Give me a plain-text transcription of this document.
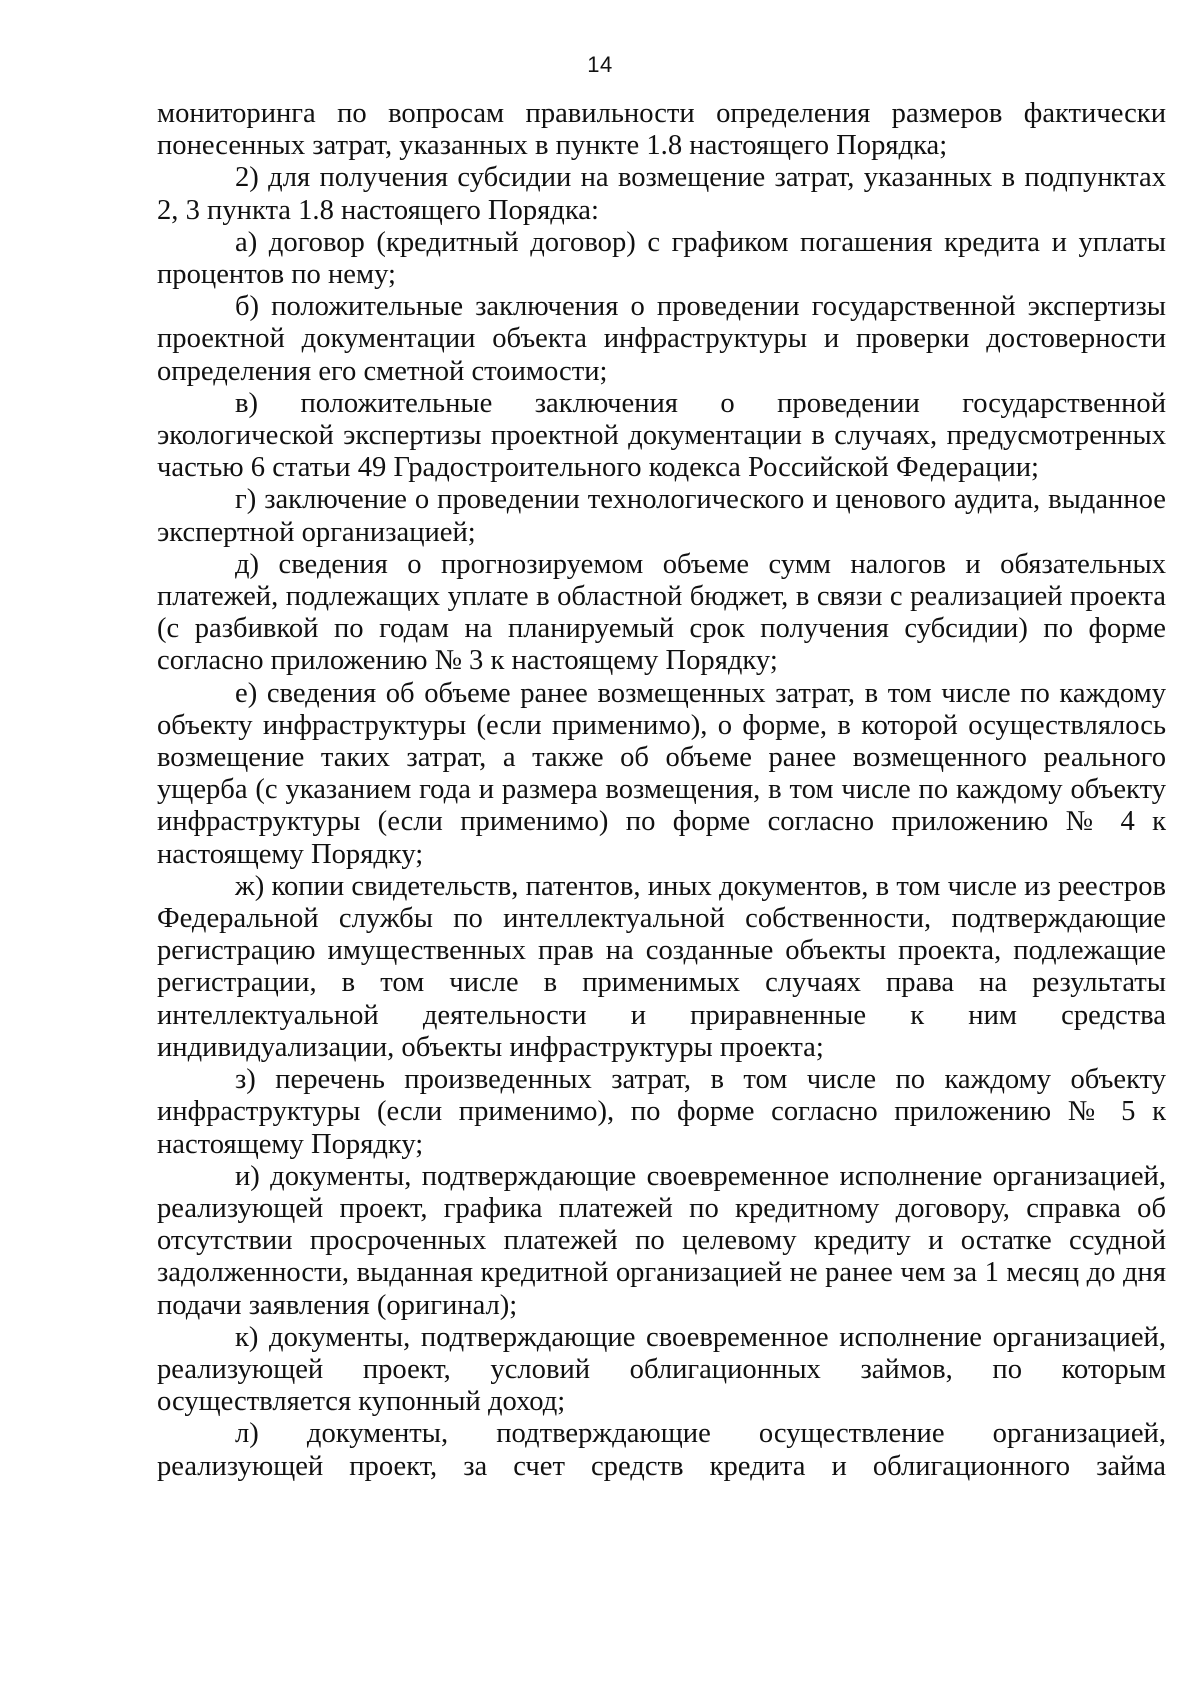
14

мониторинга по вопросам правильности определения размеров фактически понесенных затрат, указанных в пункте 1.8 настоящего Порядка;

2) для получения субсидии на возмещение затрат, указанных в подпунктах 2, 3 пункта 1.8 настоящего Порядка:

а) договор (кредитный договор) с графиком погашения кредита и уплаты процентов по нему;

б) положительные заключения о проведении государственной экспертизы проектной документации объекта инфраструктуры и проверки достоверности определения его сметной стоимости;

в) положительные заключения о проведении государственной экологической экспертизы проектной документации в случаях, предусмотренных частью 6 статьи 49 Градостроительного кодекса Российской Федерации;

г) заключение о проведении технологического и ценового аудита, выданное экспертной организацией;

д) сведения о прогнозируемом объеме сумм налогов и обязательных платежей, подлежащих уплате в областной бюджет, в связи с реализацией проекта (с разбивкой по годам на планируемый срок получения субсидии) по форме согласно приложению № 3 к настоящему Порядку;

е) сведения об объеме ранее возмещенных затрат, в том числе по каждому объекту инфраструктуры (если применимо), о форме, в которой осуществлялось возмещение таких затрат, а также об объеме ранее возмещенного реального ущерба (с указанием года и размера возмещения, в том числе по каждому объекту инфраструктуры (если применимо) по форме согласно приложению № 4 к настоящему Порядку;

ж) копии свидетельств, патентов, иных документов, в том числе из реестров Федеральной службы по интеллектуальной собственности, подтверждающие регистрацию имущественных прав на созданные объекты проекта, подлежащие регистрации, в том числе в применимых случаях права на результаты интеллектуальной деятельности и приравненные к ним средства индивидуализации, объекты инфраструктуры проекта;

з) перечень произведенных затрат, в том числе по каждому объекту инфраструктуры (если применимо), по форме согласно приложению № 5 к настоящему Порядку;

и) документы, подтверждающие своевременное исполнение организацией, реализующей проект, графика платежей по кредитному договору, справка об отсутствии просроченных платежей по целевому кредиту и остатке ссудной задолженности, выданная кредитной организацией не ранее чем за 1 месяц до дня подачи заявления (оригинал);

к) документы, подтверждающие своевременное исполнение организацией, реализующей проект, условий облигационных займов, по которым осуществляется купонный доход;

л) документы, подтверждающие осуществление организацией, реализующей проект, за счет средств кредита и облигационного займа
